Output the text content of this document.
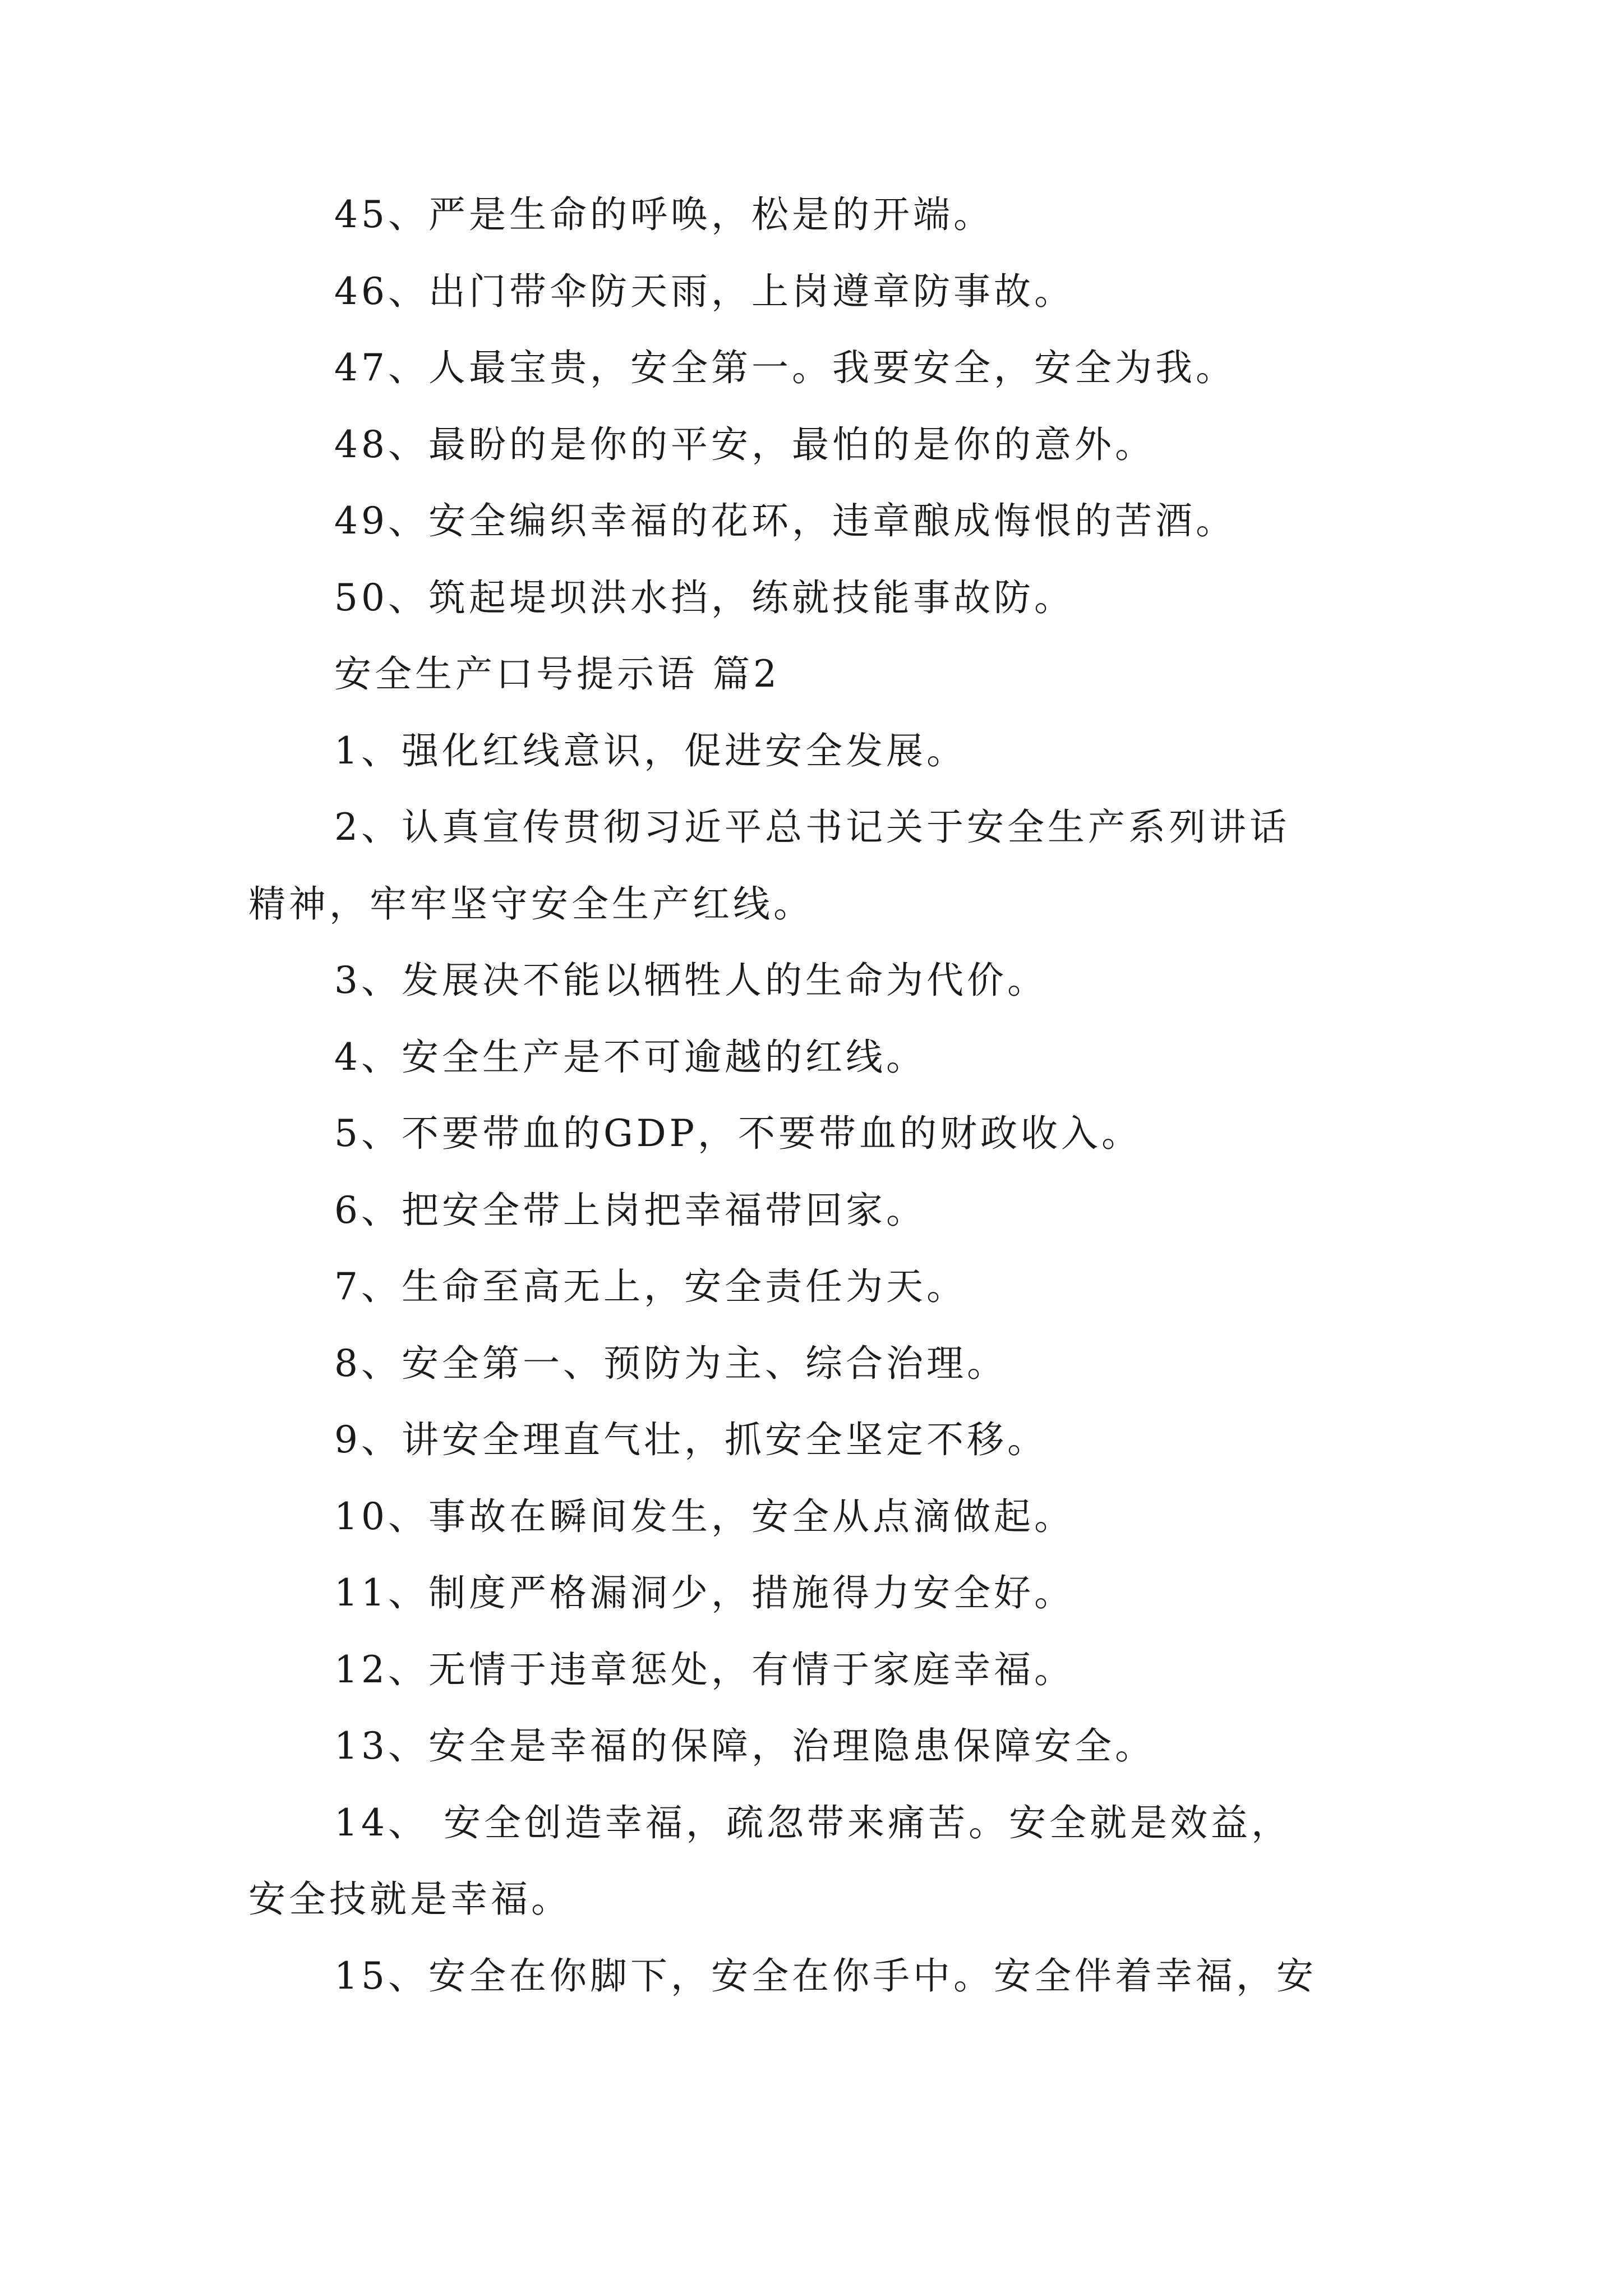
45、严是生命的呼唤，松是的开端。
46、出门带伞防天雨，上岗遵章防事故。
47、人最宝贵，安全第一。我要安全，安全为我。
48、最盼的是你的平安，最怕的是你的意外。
49、安全编织幸福的花环，违章酿成悔恨的苦酒。
50、筑起堤坝洪水挡，练就技能事故防。
安全生产口号提示语 篇2
1、强化红线意识，促进安全发展。
2、认真宣传贯彻习近平总书记关于安全生产系列讲话
精神，牢牢坚守安全生产红线。
3、发展决不能以牺牲人的生命为代价。
4、安全生产是不可逾越的红线。
5、不要带血的GDP，不要带血的财政收入。
6、把安全带上岗把幸福带回家。
7、生命至高无上，安全责任为天。
8、安全第一、预防为主、综合治理。
9、讲安全理直气壮，抓安全坚定不移。
10、事故在瞬间发生，安全从点滴做起。
11、制度严格漏洞少，措施得力安全好。
12、无情于违章惩处，有情于家庭幸福。
13、安全是幸福的保障，治理隐患保障安全。
14、 安全创造幸福，疏忽带来痛苦。安全就是效益，
安全技就是幸福。
15、安全在你脚下，安全在你手中。安全伴着幸福，安
